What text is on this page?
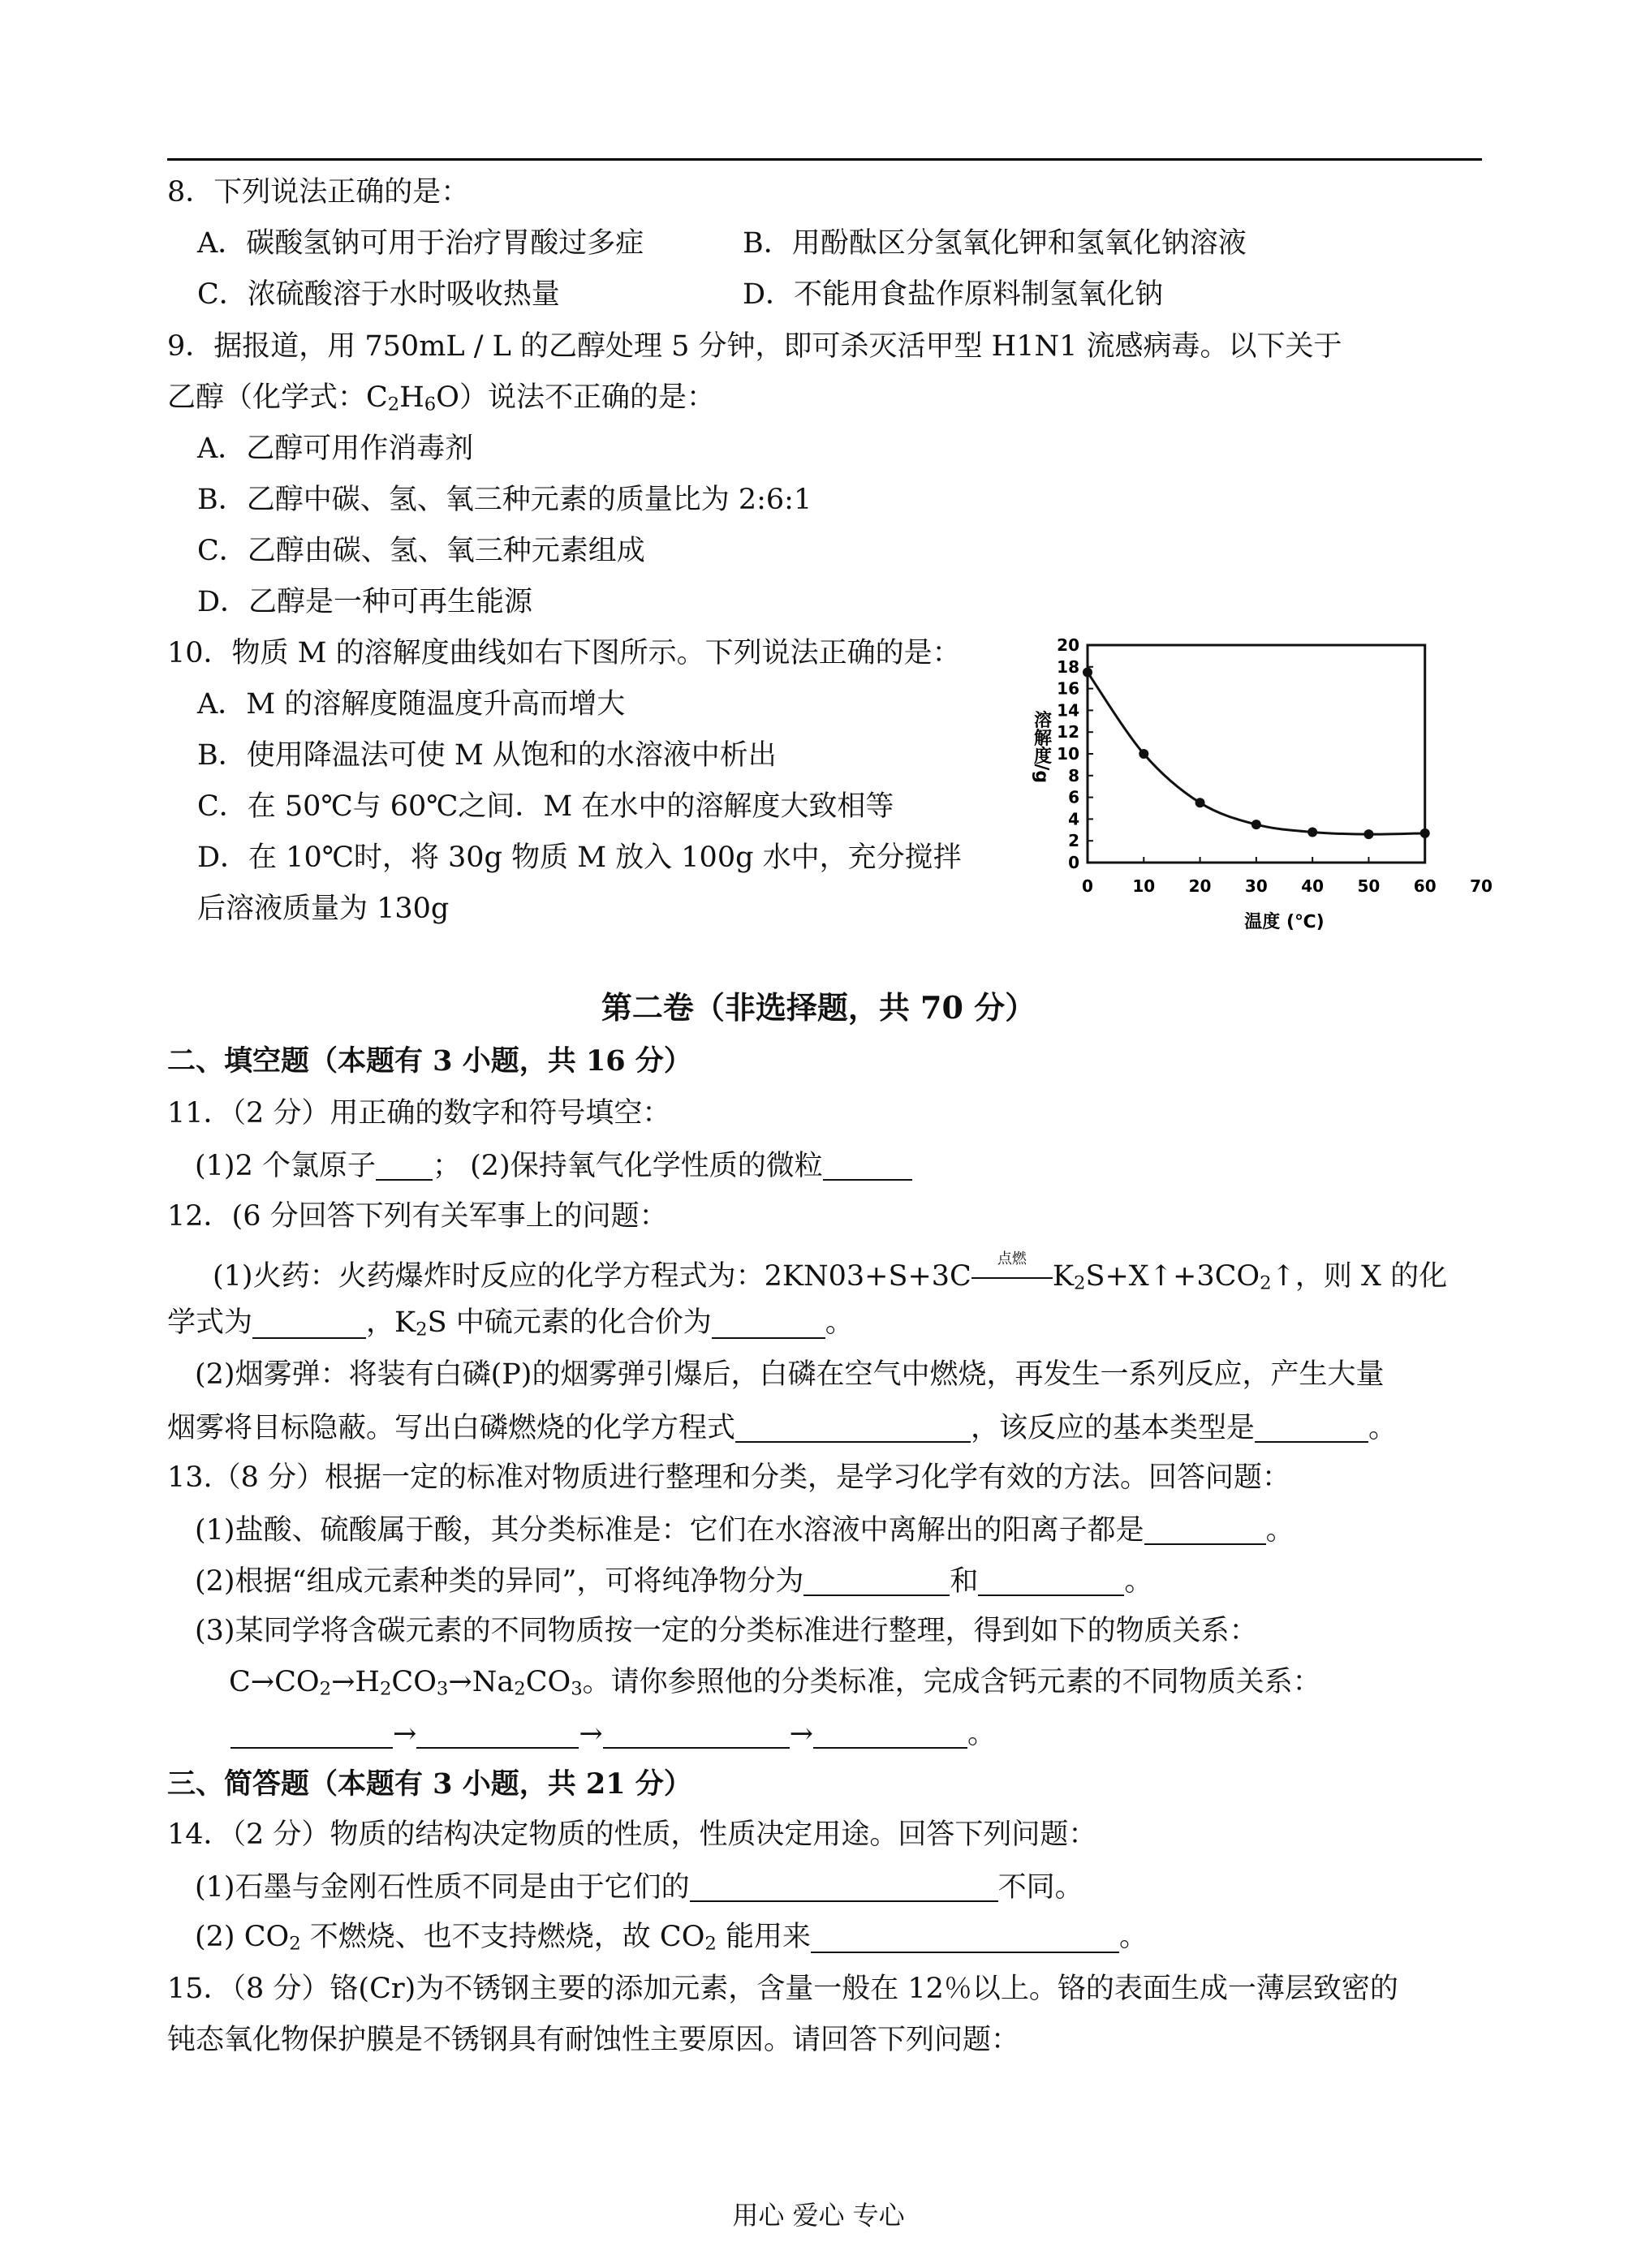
8．下列说法正确的是：
A．碳酸氢钠可用于治疗胃酸过多症	B．用酚酞区分氢氧化钾和氢氧化钠溶液
C．浓硫酸溶于水时吸收热量	D．不能用食盐作原料制氢氧化钠
9．据报道，用 750mL / L 的乙醇处理 5 分钟，即可杀灭活甲型 H1N1 流感病毒。以下关于
乙醇（化学式：$C_2H_6O$）说法不正确的是：
A．乙醇可用作消毒剂
B．乙醇中碳、氢、氧三种元素的质量比为 2:6:1
C．乙醇由碳、氢、氧三种元素组成
D．乙醇是一种可再生能源
10．物质 M 的溶解度曲线如右下图所示。下列说法正确的是：
A．M 的溶解度随温度升高而增大
B．使用降温法可使 M 从饱和的水溶液中析出
C．在 50℃与 60℃之间．M 在水中的溶解度大致相等
D．在 10℃时，将 30g 物质 M 放入 100g 水中，充分搅拌
后溶液质量为 130g
0
2
4
6
8
10
12
14
16
18
20
0 10 20 30 40 50 60 70
溶解度/g
温度 (℃)
第二卷（非选择题，共 70 分）
二、填空题（本题有 3 小题，共 16 分）
11．（2 分）用正确的数字和符号填空：
(1)2 个氯原子 ； (2)保持氧气化学性质的微粒
12．(6 分回答下列有关军事上的问题：
(1)火药：火药爆炸时反应的化学方程式为：2KN03+S+3C
点燃
$K_2S+X↑+3CO_2↑$，则 X 的化
学式为	，$K_2S$ 中硫元素的化合价为	。
(2)烟雾弹：将装有白磷(P)的烟雾弹引爆后，白磷在空气中燃烧，再发生一系列反应，产生大量
烟雾将目标隐蔽。写出白磷燃烧的化学方程式	，该反应的基本类型是	。
13.（8 分）根据一定的标准对物质进行整理和分类，是学习化学有效的方法。回答问题：
(1)盐酸、硫酸属于酸，其分类标准是：它们在水溶液中离解出的阳离子都是	。
(2)根据“组成元素种类的异同”，可将纯净物分为	和	。
(3)某同学将含碳元素的不同物质按一定的分类标准进行整理，得到如下的物质关系：
$C\to CO_2\to H_2CO_3\to Na_2CO_3$。请你参照他的分类标准，完成含钙元素的不同物质关系：
→	→	→	。
三、简答题（本题有 3 小题，共 21 分）
14．（2 分）物质的结构决定物质的性质，性质决定用途。回答下列问题：
(1)石墨与金刚石性质不同是由于它们的	不同。
(2) $CO_2$ 不燃烧、也不支持燃烧，故 $CO_2$ 能用来	。
15．（8 分）铬(Cr)为不锈钢主要的添加元素，含量一般在 12％以上。铬的表面生成一薄层致密的
钝态氧化物保护膜是不锈钢具有耐蚀性主要原因。请回答下列问题：
用心 爱心 专心
